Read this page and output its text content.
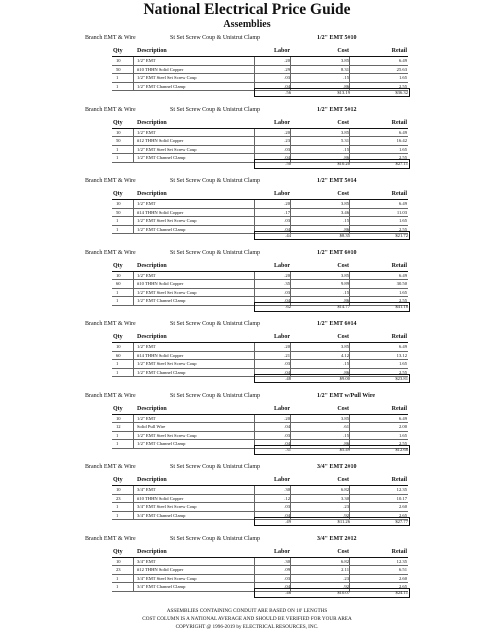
National Electrical Price Guide
Assemblies
Branch EMT & Wire	St Set Screw Coup & Unistrut Clamp	1/2" EMT 5#10
Qty	Description	Labor	Cost	Retail
10	1/2" EMT	.20	3.85	6.49
50	#10 THHN Solid Copper	.29	8.31	25.63
1	1/2" EMT Steel Set Screw Coup	.03	.15	1.65
1	1/2" EMT Channel Clamp	.04	.86	2.55
.56	$13.19	$36.32
Branch EMT & Wire	St Set Screw Coup & Unistrut Clamp	1/2" EMT 5#12
Qty	Description	Labor	Cost	Retail
10	1/2" EMT	.20	3.85	6.49
50	#12 THHN Solid Copper	.23	5.31	16.42
1	1/2" EMT Steel Set Screw Coup	.03	.15	1.65
1	1/2" EMT Channel Clamp	.04	.86	2.55
.50	$10.20	$27.11
Branch EMT & Wire	St Set Screw Coup & Unistrut Clamp	1/2" EMT 5#14
Qty	Description	Labor	Cost	Retail
10	1/2" EMT	.20	3.85	6.49
50	#14 THHN Solid Copper	.17	3.46	11.03
1	1/2" EMT Steel Set Screw Coup	.03	.15	1.65
1	1/2" EMT Channel Clamp	.04	.86	2.55
.44	$8.35	$21.72
Branch EMT & Wire	St Set Screw Coup & Unistrut Clamp	1/2" EMT 6#10
Qty	Description	Labor	Cost	Retail
10	1/2" EMT	.20	3.85	6.49
60	#10 THHN Solid Copper	.35	9.89	30.50
1	1/2" EMT Steel Set Screw Coup	.03	.15	1.65
1	1/2" EMT Channel Clamp	.04	.86	2.55
.62	$14.77	$41.18
Branch EMT & Wire	St Set Screw Coup & Unistrut Clamp	1/2" EMT 6#14
Qty	Description	Labor	Cost	Retail
10	1/2" EMT	.20	3.85	6.49
60	#14 THHN Solid Copper	.21	4.12	13.12
1	1/2" EMT Steel Set Screw Coup	.03	.15	1.65
1	1/2" EMT Channel Clamp	.04	.86	2.55
.48	$9.00	$23.81
Branch EMT & Wire	St Set Screw Coup & Unistrut Clamp	1/2" EMT w/Pull Wire
Qty	Description	Labor	Cost	Retail
10	1/2" EMT	.20	3.85	6.49
12	Solid Pull Wire	.04	.61	2.00
1	1/2" EMT Steel Set Screw Coup	.03	.15	1.65
1	1/2" EMT Channel Clamp	.04	.86	2.55
.31	$5.49	$12.68
Branch EMT & Wire	St Set Screw Coup & Unistrut Clamp	3/4" EMT 2#10
Qty	Description	Labor	Cost	Retail
10	3/4" EMT	.30	6.82	12.35
23	#10 THHN Solid Copper	.12	3.30	10.17
1	3/4" EMT Steel Set Screw Coup	.03	.23	2.60
1	3/4" EMT Channel Clamp	.04	.92	2.65
.49	$11.26	$27.77
Branch EMT & Wire	St Set Screw Coup & Unistrut Clamp	3/4" EMT 2#12
Qty	Description	Labor	Cost	Retail
10	3/4" EMT	.30	6.82	12.35
23	#12 THHN Solid Copper	.09	2.11	6.51
1	3/4" EMT Steel Set Screw Coup	.03	.23	2.60
1	3/4" EMT Channel Clamp	.04	.92	2.65
.46	$10.07	$24.11
ASSEMBLIES CONTAINING CONDUIT ARE BASED ON 10' LENGTHS
COST COLUMN IS A NATIONAL AVERAGE AND SHOULD BE VERIFIED FOR YOUR AREA
COPYRIGHT @ 1996-2019 by ELECTRICAL RESOURCES, INC.
